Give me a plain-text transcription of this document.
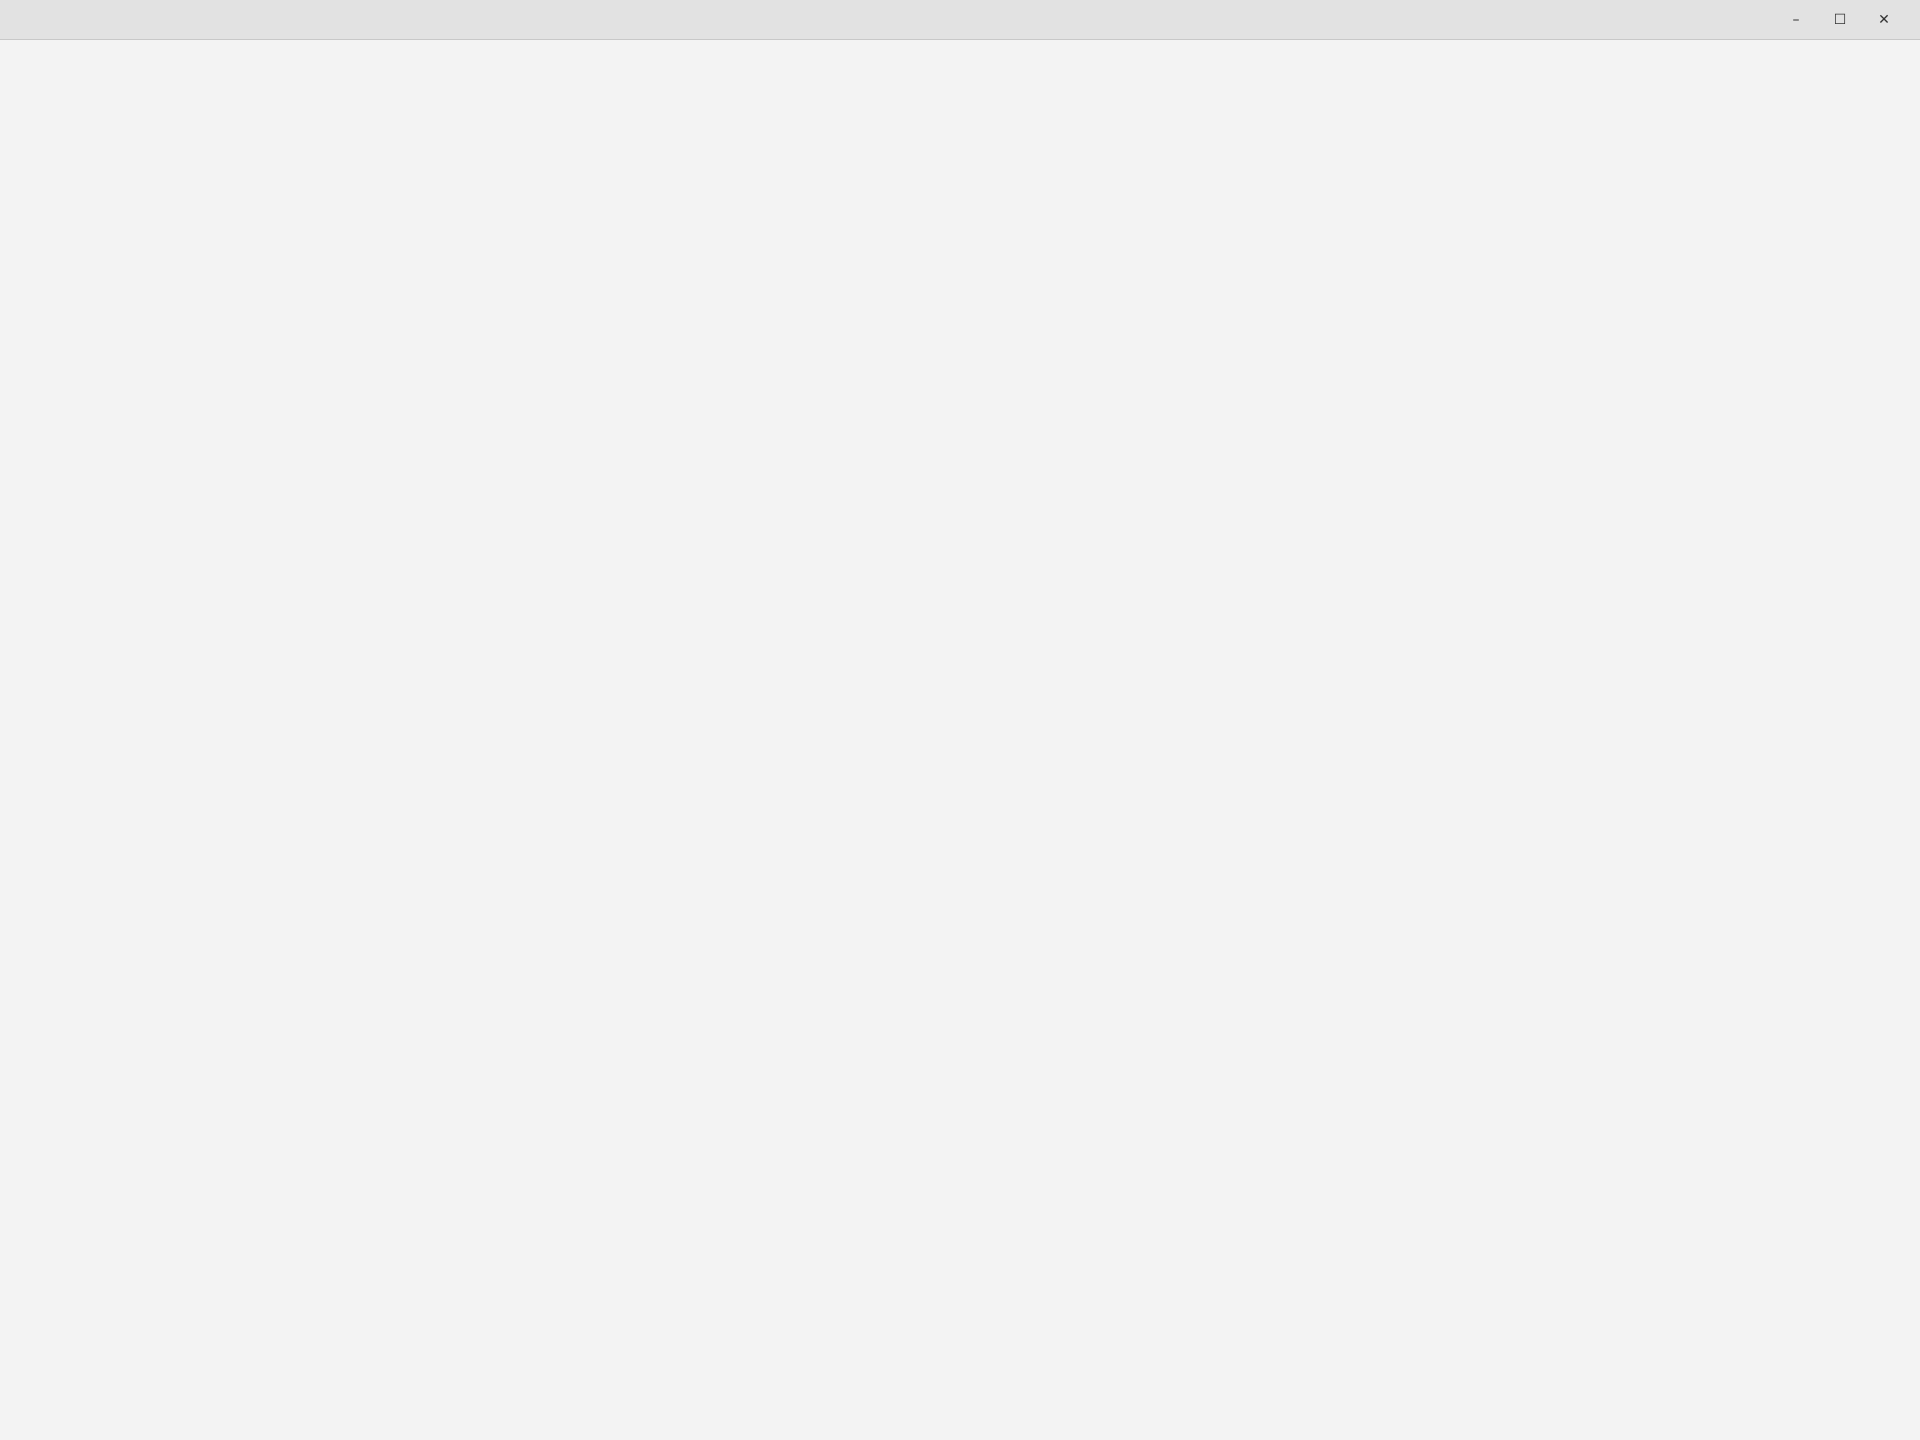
–	☐	✕
